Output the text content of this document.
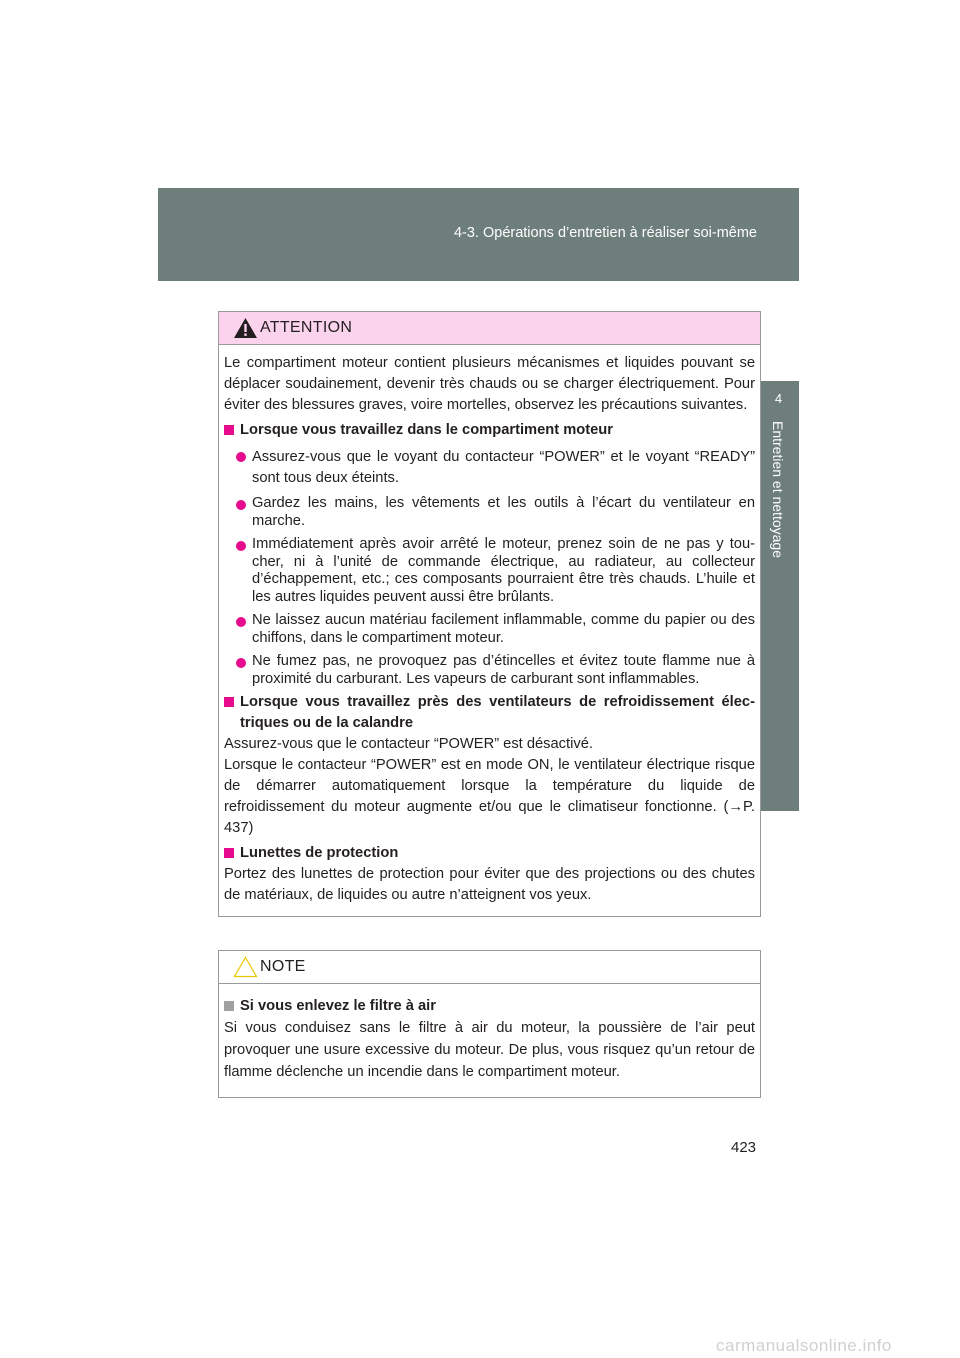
4-3. Opérations d’entretien à réaliser soi-même
4
Entretien et nettoyage
ATTENTION

Le compartiment moteur contient plusieurs mécanismes et liquides pouvant se déplacer soudainement, devenir très chauds ou se charger électriquement. Pour éviter des blessures graves, voire mortelles, observez les précautions suivantes.

Lorsque vous travaillez dans le compartiment moteur
Assurez-vous que le voyant du contacteur “POWER” et le voyant “READY” sont tous deux éteints.
Gardez les mains, les vêtements et les outils à l’écart du ventilateur en marche.
Immédiatement après avoir arrêté le moteur, prenez soin de ne pas y tou-cher, ni à l’unité de commande électrique, au radiateur, au collecteur d’échappement, etc.; ces composants pourraient être très chauds. L’huile et les autres liquides peuvent aussi être brûlants.
Ne laissez aucun matériau facilement inflammable, comme du papier ou des chiffons, dans le compartiment moteur.
Ne fumez pas, ne provoquez pas d’étincelles et évitez toute flamme nue à proximité du carburant. Les vapeurs de carburant sont inflammables.
Lorsque vous travaillez près des ventilateurs de refroidissement élec-triques ou de la calandre

Assurez-vous que le contacteur “POWER” est désactivé.

Lorsque le contacteur “POWER” est en mode ON, le ventilateur électrique risque de démarrer automatiquement lorsque la température du liquide de refroidissement du moteur augmente et/ou que le climatiseur fonctionne. (→P. 437)

Lunettes de protection

Portez des lunettes de protection pour éviter que des projections ou des chutes de matériaux, de liquides ou autre n’atteignent vos yeux.

NOTE
Si vous enlevez le filtre à air

Si vous conduisez sans le filtre à air du moteur, la poussière de l’air peut provoquer une usure excessive du moteur. De plus, vous risquez qu’un retour de flamme déclenche un incendie dans le compartiment moteur.

423
carmanualsonline.info
